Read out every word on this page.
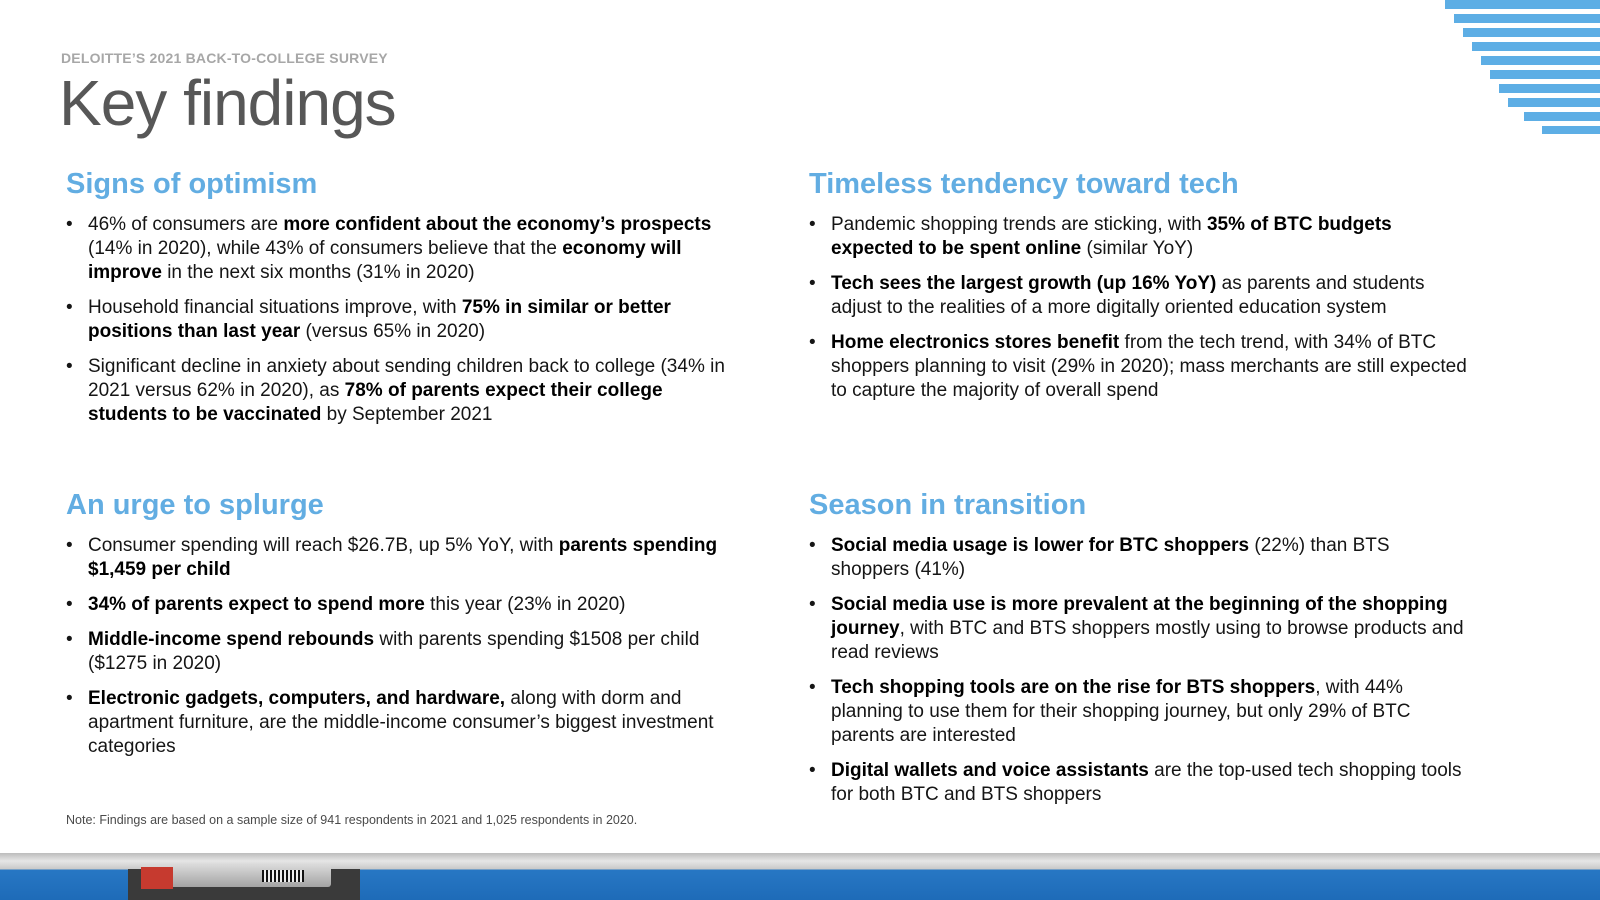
DELOITTE’S 2021 BACK-TO-COLLEGE SURVEY
Key findings
Signs of optimism
• 46% of consumers are more confident about the economy’s prospects (14% in 2020), while 43% of consumers believe that the economy will improve in the next six months (31% in 2020)
• Household financial situations improve, with 75% in similar or better positions than last year (versus 65% in 2020)
• Significant decline in anxiety about sending children back to college (34% in 2021 versus 62% in 2020), as 78% of parents expect their college students to be vaccinated by September 2021
Timeless tendency toward tech
• Pandemic shopping trends are sticking, with 35% of BTC budgets expected to be spent online (similar YoY)
• Tech sees the largest growth (up 16% YoY) as parents and students adjust to the realities of a more digitally oriented education system
• Home electronics stores benefit from the tech trend, with 34% of BTC shoppers planning to visit (29% in 2020); mass merchants are still expected to capture the majority of overall spend
An urge to splurge
• Consumer spending will reach $26.7B, up 5% YoY, with parents spending $1,459 per child
• 34% of parents expect to spend more this year (23% in 2020)
• Middle-income spend rebounds with parents spending $1508 per child ($1275 in 2020)
• Electronic gadgets, computers, and hardware, along with dorm and apartment furniture, are the middle-income consumer’s biggest investment categories
Season in transition
• Social media usage is lower for BTC shoppers (22%) than BTS shoppers (41%)
• Social media use is more prevalent at the beginning of the shopping journey, with BTC and BTS shoppers mostly using to browse products and read reviews
• Tech shopping tools are on the rise for BTS shoppers, with 44% planning to use them for their shopping journey, but only 29% of BTC parents are interested
• Digital wallets and voice assistants are the top-used tech shopping tools for both BTC and BTS shoppers

Note: Findings are based on a sample size of 941 respondents in 2021 and 1,025 respondents in 2020.
